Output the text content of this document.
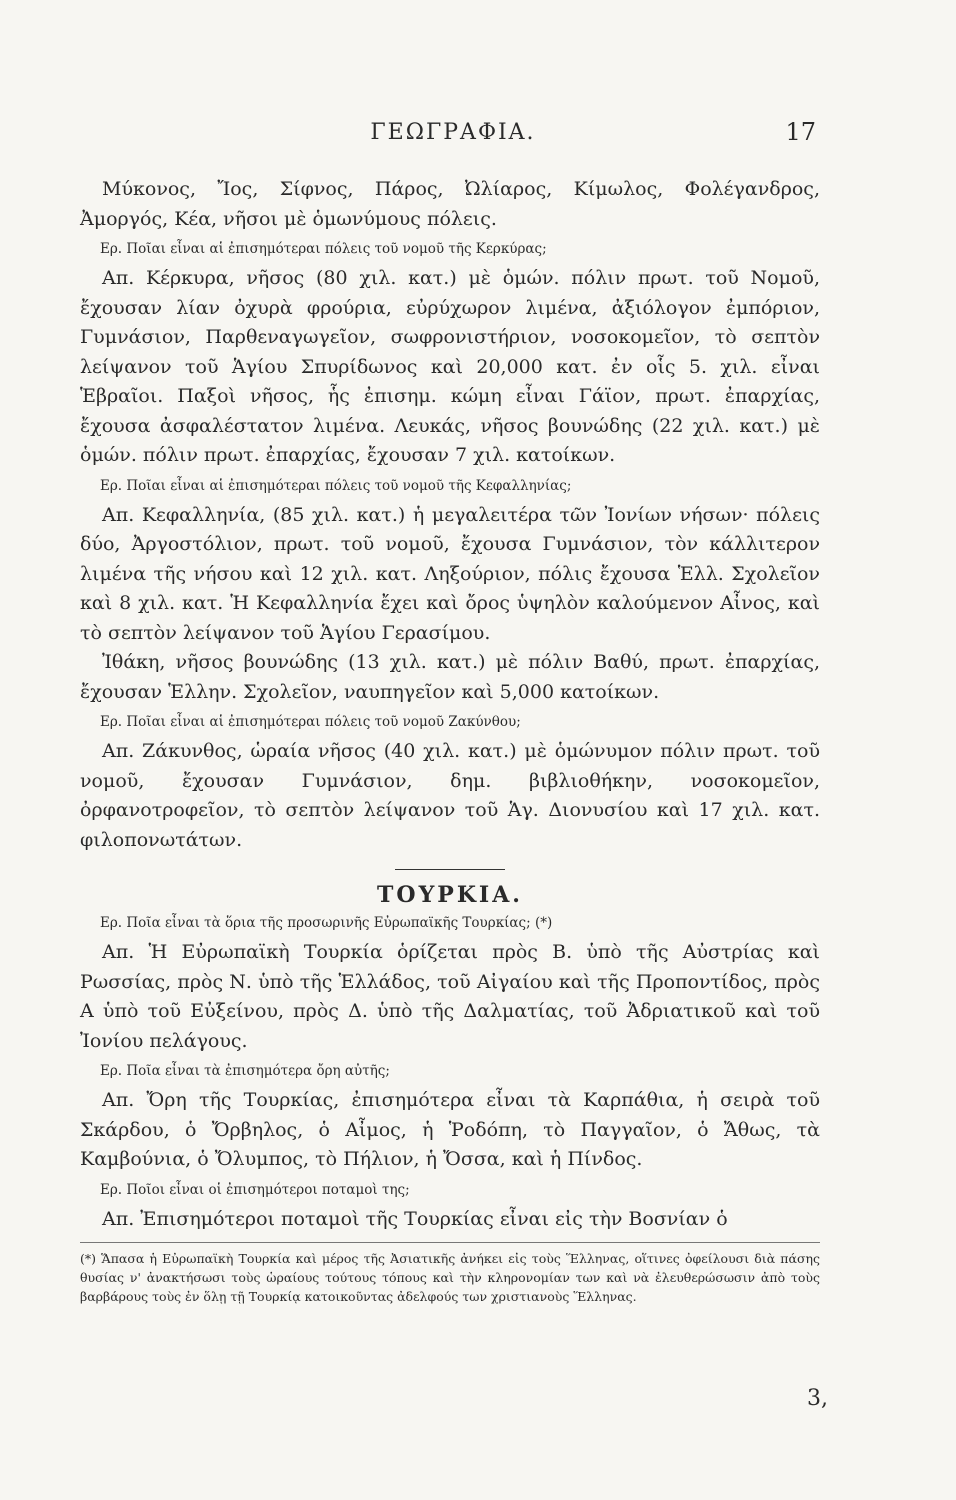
ΓΕΩΓΡΑΦΙΑ.	17

Μύκονος, Ἴος, Σίφνος, Πάρος, Ὠλίαρος, Κίμωλος, Φολέγανδρος, Ἀμοργός, Κέα, νῆσοι μὲ ὁμωνύμους πόλεις.

Ερ. Ποῖαι εἶναι αἱ ἐπισημότεραι πόλεις τοῦ νομοῦ τῆς Κερκύρας;

Απ. Κέρκυρα, νῆσος (80 χιλ. κατ.) μὲ ὁμών. πόλιν πρωτ. τοῦ Νομοῦ, ἔχουσαν λίαν ὀχυρὰ φρούρια, εὐρύχωρον λιμένα, ἀξιόλογον ἐμπόριον, Γυμνάσιον, Παρθεναγωγεῖον, σωφρονιστήριον, νοσοκομεῖον, τὸ σεπτὸν λείψανον τοῦ Ἁγίου Σπυρίδωνος καὶ 20,000 κατ. ἐν οἷς 5. χιλ. εἶναι Ἑβραῖοι. Παξοὶ νῆσος, ἧς ἐπισημ. κώμη εἶναι Γάϊον, πρωτ. ἐπαρχίας, ἔχουσα ἀσφαλέστατον λιμένα. Λευκάς, νῆσος βουνώδης (22 χιλ. κατ.) μὲ ὁμών. πόλιν πρωτ. ἐπαρχίας, ἔχουσαν 7 χιλ. κατοίκων.

Ερ. Ποῖαι εἶναι αἱ ἐπισημότεραι πόλεις τοῦ νομοῦ τῆς Κεφαλληνίας;

Απ. Κεφαλληνία, (85 χιλ. κατ.) ἡ μεγαλειτέρα τῶν Ἰονίων νήσων· πόλεις δύο, Ἀργοστόλιον, πρωτ. τοῦ νομοῦ, ἔχουσα Γυμνάσιον, τὸν κάλλιτερον λιμένα τῆς νήσου καὶ 12 χιλ. κατ. Ληξούριον, πόλις ἔχουσα Ἑλλ. Σχολεῖον καὶ 8 χιλ. κατ. Ἡ Κεφαλληνία ἔχει καὶ ὄρος ὑψηλὸν καλούμενον Αἶνος, καὶ τὸ σεπτὸν λείψανον τοῦ Ἁγίου Γερασίμου.

Ἰθάκη, νῆσος βουνώδης (13 χιλ. κατ.) μὲ πόλιν Βαθύ, πρωτ. ἐπαρχίας, ἔχουσαν Ἑλλην. Σχολεῖον, ναυπηγεῖον καὶ 5,000 κατοίκων.

Ερ. Ποῖαι εἶναι αἱ ἐπισημότεραι πόλεις τοῦ νομοῦ Ζακύνθου;

Απ. Ζάκυνθος, ὡραία νῆσος (40 χιλ. κατ.) μὲ ὁμώνυμον πόλιν πρωτ. τοῦ νομοῦ, ἔχουσαν Γυμνάσιον, δημ. βιβλιοθήκην, νοσοκομεῖον, ὀρφανοτροφεῖον, τὸ σεπτὸν λείψανον τοῦ Ἁγ. Διονυσίου καὶ 17 χιλ. κατ. φιλοπονωτάτων.

ΤΟΥΡΚΙΑ.

Ερ. Ποῖα εἶναι τὰ ὅρια τῆς προσωρινῆς Εὐρωπαϊκῆς Τουρκίας; (*)

Απ. Ἡ Εὐρωπαϊκὴ Τουρκία ὁρίζεται πρὸς Β. ὑπὸ τῆς Αὐστρίας καὶ Ρωσσίας, πρὸς Ν. ὑπὸ τῆς Ἑλλάδος, τοῦ Αἰγαίου καὶ τῆς Προποντίδος, πρὸς Α ὑπὸ τοῦ Εὐξείνου, πρὸς Δ. ὑπὸ τῆς Δαλματίας, τοῦ Ἀδριατικοῦ καὶ τοῦ Ἰονίου πελάγους.

Ερ. Ποῖα εἶναι τὰ ἐπισημότερα ὄρη αὐτῆς;

Απ. Ὄρη τῆς Τουρκίας, ἐπισημότερα εἶναι τὰ Καρπάθια, ἡ σειρὰ τοῦ Σκάρδου, ὁ Ὄρβηλος, ὁ Αἶμος, ἡ Ῥοδόπη, τὸ Παγγαῖον, ὁ Ἄθως, τὰ Καμβούνια, ὁ Ὄλυμπος, τὸ Πήλιον, ἡ Ὄσσα, καὶ ἡ Πίνδος.

Ερ. Ποῖοι εἶναι οἱ ἐπισημότεροι ποταμοὶ της;

Απ. Ἐπισημότεροι ποταμοὶ τῆς Τουρκίας εἶναι εἰς τὴν Βοσνίαν ὁ

(*) Ἅπασα ἡ Εὐρωπαϊκὴ Τουρκία καὶ μέρος τῆς Ἀσιατικῆς ἀνήκει εἰς τοὺς Ἕλληνας, οἵτινες ὀφείλουσι διὰ πάσης θυσίας ν' ἀνακτήσωσι τοὺς ὡραίους τούτους τόπους καὶ τὴν κληρονομίαν των καὶ νὰ ἐλευθερώσωσιν ἀπὸ τοὺς βαρβάρους τοὺς ἐν ὅλῃ τῇ Τουρκίᾳ κατοικοῦντας ἀδελφούς των χριστιανοὺς Ἕλληνας.

3,
